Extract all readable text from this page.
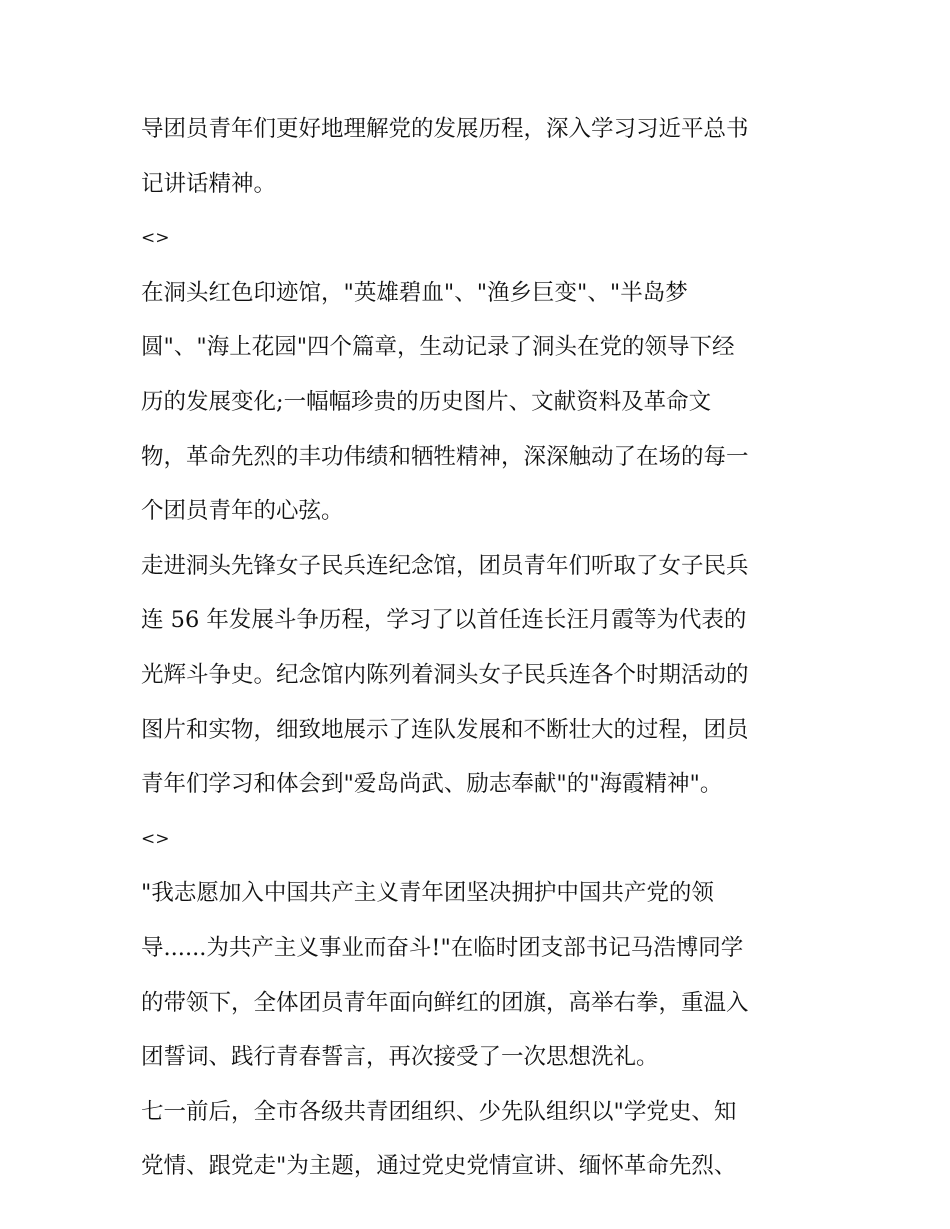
导团员青年们更好地理解党的发展历程，深入学习习近平总书
记讲话精神。
<>
在洞头红色印迹馆，"英雄碧血"、"渔乡巨变"、"半岛梦
圆"、"海上花园"四个篇章，生动记录了洞头在党的领导下经
历的发展变化;一幅幅珍贵的历史图片、文献资料及革命文
物，革命先烈的丰功伟绩和牺牲精神，深深触动了在场的每一
个团员青年的心弦。
走进洞头先锋女子民兵连纪念馆，团员青年们听取了女子民兵
连 56 年发展斗争历程，学习了以首任连长汪月霞等为代表的
光辉斗争史。纪念馆内陈列着洞头女子民兵连各个时期活动的
图片和实物，细致地展示了连队发展和不断壮大的过程，团员
青年们学习和体会到"爱岛尚武、励志奉献"的"海霞精神"。
<>
"我志愿加入中国共产主义青年团坚决拥护中国共产党的领
导......为共产主义事业而奋斗!"在临时团支部书记马浩博同学
的带领下，全体团员青年面向鲜红的团旗，高举右拳，重温入
团誓词、践行青春誓言，再次接受了一次思想洗礼。
七一前后，全市各级共青团组织、少先队组织以"学党史、知
党情、跟党走"为主题，通过党史党情宣讲、缅怀革命先烈、
